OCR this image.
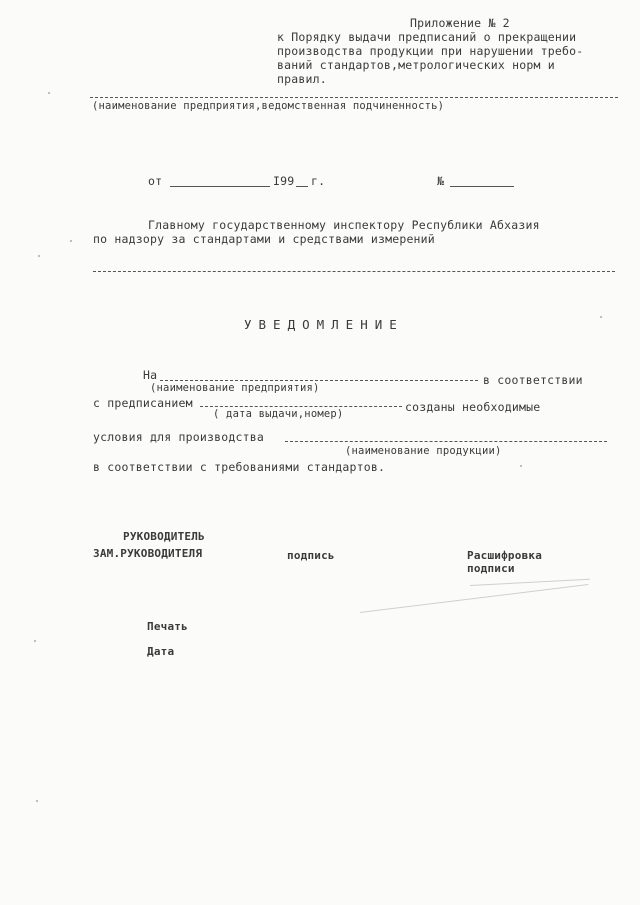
Приложение № 2
к Порядку выдачи предписаний о прекращении
производства продукции при нарушении требо-
ваний стандартов,метрологических норм и
правил.
(наименование предприятия,ведомственная подчиненность)
от	I99 г.	№
Главному государственному инспектору Республики Абхазия
по надзору за стандартами и средствами измерений
УВЕДОМЛЕНИЕ
На	в соответствии
(наименование предприятия)
с предписанием	созданы необходимые
( дата выдачи,номер)
условия для производства
(наименование продукции)
в соответствии с требованиями стандартов.
РУКОВОДИТЕЛЬ
ЗАМ.РУКОВОДИТЕЛЯ	подпись	Расшифровка
подписи
Печать
Дата
